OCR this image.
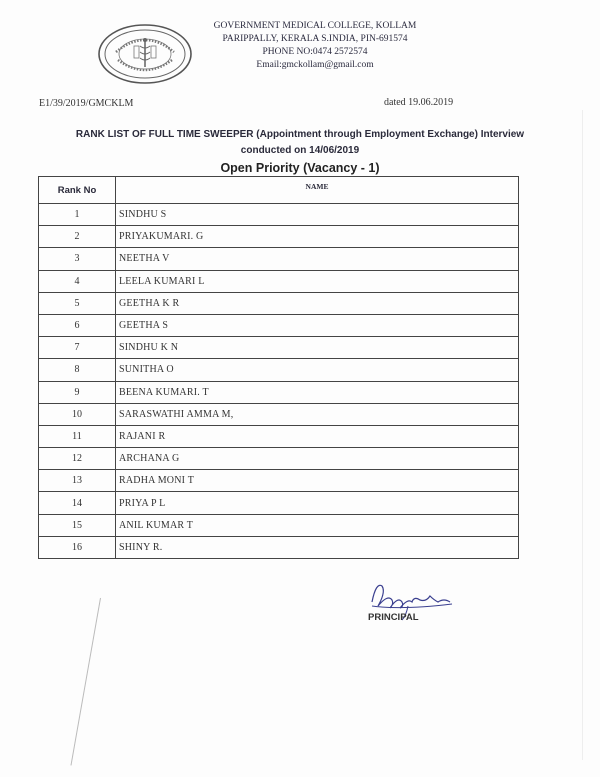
GOVERNMENT MEDICAL COLLEGE, KOLLAM
PARIPPALLY, KERALA S.INDIA, PIN-691574
PHONE NO:0474 2572574
Email:gmckollam@gmail.com
E1/39/2019/GMCKLM	dated 19.06.2019
RANK LIST OF FULL TIME SWEEPER (Appointment through Employment Exchange) Interview
conducted on 14/06/2019
Open Priority (Vacancy - 1)
Rank No	NAME
1	SINDHU S
2	PRIYAKUMARI. G
3	NEETHA V
4	LEELA KUMARI L
5	GEETHA K R
6	GEETHA S
7	SINDHU K N
8	SUNITHA O
9	BEENA KUMARI. T
10	SARASWATHI AMMA M,
11	RAJANI R
12	ARCHANA G
13	RADHA MONI T
14	PRIYA P L
15	ANIL KUMAR T
16	SHINY R.
PRINCIPAL
